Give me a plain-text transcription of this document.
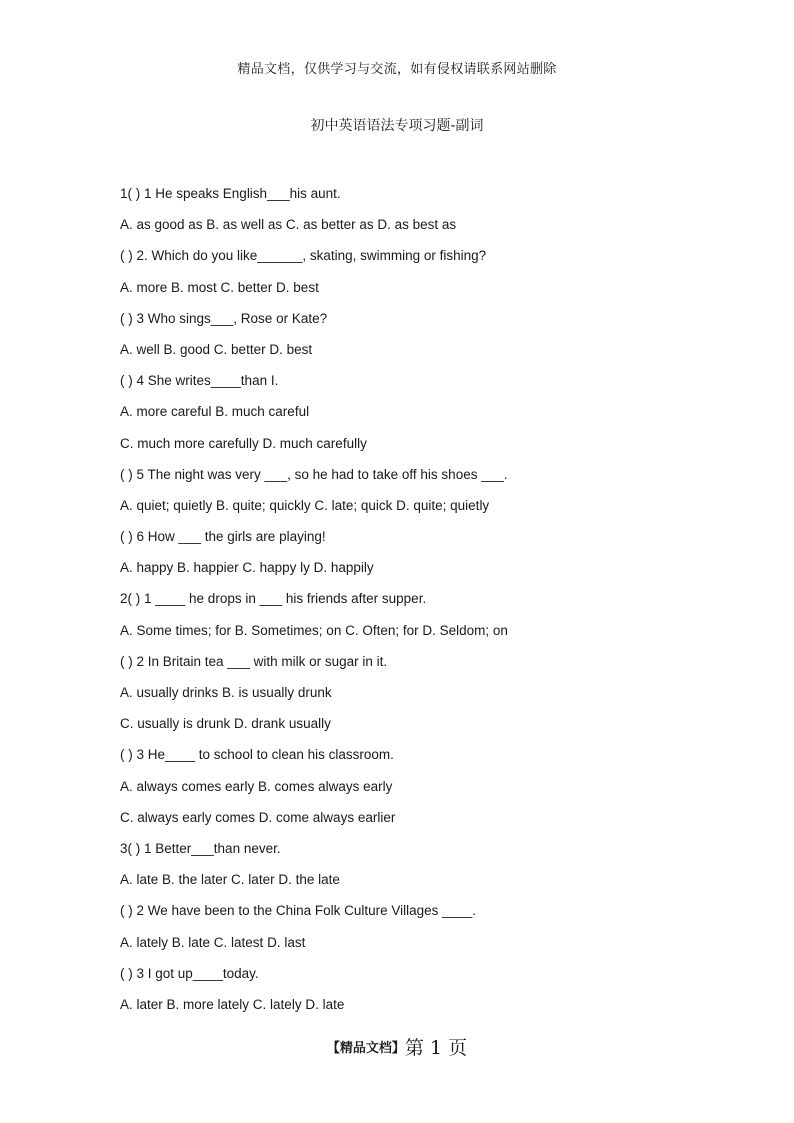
精品文档，仅供学习与交流，如有侵权请联系网站删除
初中英语语法专项习题-副词
1( ) 1 He speaks English___his aunt.
A. as good as B. as well as C. as better as D. as best as
( ) 2. Which do you like______, skating, swimming or fishing?
A. more B. most C. better D. best
( ) 3 Who sings___, Rose or Kate?
A. well B. good C. better D. best
( ) 4 She writes____than I.
A. more careful B. much careful
C. much more carefully D. much carefully
( ) 5 The night was very ___, so he had to take off his shoes ___.
A. quiet; quietly B. quite; quickly C. late; quick D. quite; quietly
( ) 6 How ___ the girls are playing!
A. happy B. happier C. happy ly D. happily
2( ) 1 ____ he drops in ___ his friends after supper.
A. Some times; for B. Sometimes; on C. Often; for D. Seldom; on
( ) 2 In Britain tea ___ with milk or sugar in it.
A. usually drinks B. is usually drunk
C. usually is drunk D. drank usually
( ) 3 He____ to school to clean his classroom.
A. always comes early B. comes always early
C. always early comes D. come always earlier
3( ) 1 Better___than never.
A. late B. the later C. later D. the late
( ) 2 We have been to the China Folk Culture Villages ____.
A. lately B. late C. latest D. last
( ) 3 I got up____today.
A. later B. more lately C. lately D. late
【精品文档】第 1 页
